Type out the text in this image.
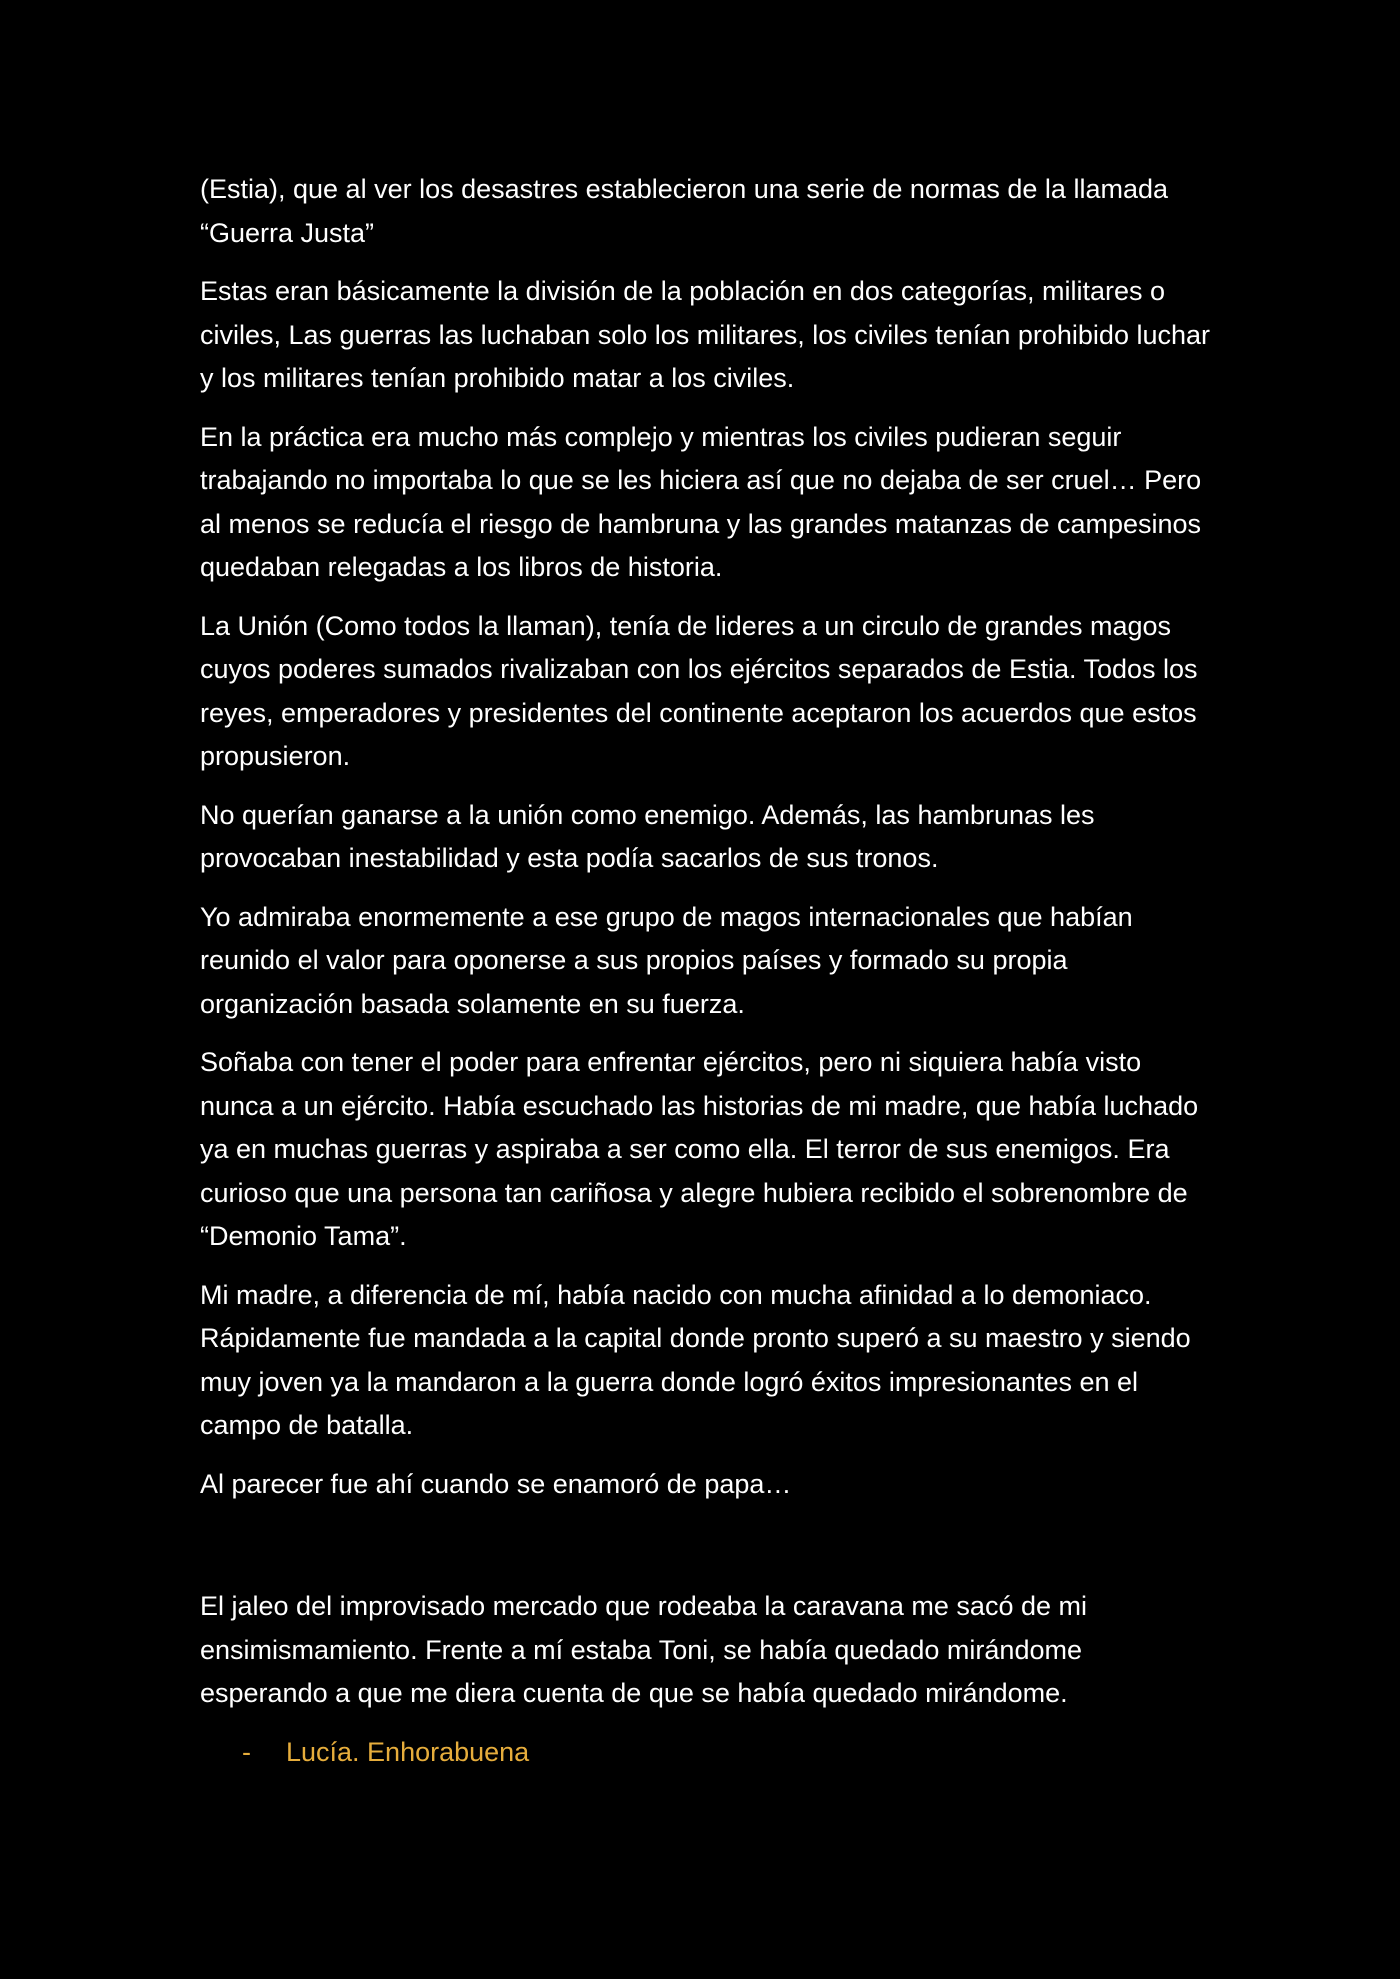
(Estia), que al ver los desastres establecieron una serie de normas de la llamada “Guerra Justa”

Estas eran básicamente la división de la población en dos categorías, militares o civiles, Las guerras las luchaban solo los militares, los civiles tenían prohibido luchar y los militares tenían prohibido matar a los civiles.

En la práctica era mucho más complejo y mientras los civiles pudieran seguir trabajando no importaba lo que se les hiciera así que no dejaba de ser cruel… Pero al menos se reducía el riesgo de hambruna y las grandes matanzas de campesinos quedaban relegadas a los libros de historia.

La Unión (Como todos la llaman), tenía de lideres a un circulo de grandes magos cuyos poderes sumados rivalizaban con los ejércitos separados de Estia. Todos los reyes, emperadores y presidentes del continente aceptaron los acuerdos que estos propusieron.

No querían ganarse a la unión como enemigo. Además, las hambrunas les provocaban inestabilidad y esta podía sacarlos de sus tronos.

Yo admiraba enormemente a ese grupo de magos internacionales que habían reunido el valor para oponerse a sus propios países y formado su propia organización basada solamente en su fuerza.

Soñaba con tener el poder para enfrentar ejércitos, pero ni siquiera había visto nunca a un ejército. Había escuchado las historias de mi madre, que había luchado ya en muchas guerras y aspiraba a ser como ella. El terror de sus enemigos. Era curioso que una persona tan cariñosa y alegre hubiera recibido el sobrenombre de “Demonio Tama”.

Mi madre, a diferencia de mí, había nacido con mucha afinidad a lo demoniaco. Rápidamente fue mandada a la capital donde pronto superó a su maestro y siendo muy joven ya la mandaron a la guerra donde logró éxitos impresionantes en el campo de batalla.

Al parecer fue ahí cuando se enamoró de papa…

El jaleo del improvisado mercado que rodeaba la caravana me sacó de mi ensimismamiento. Frente a mí estaba Toni, se había quedado mirándome esperando a que me diera cuenta de que se había quedado mirándome.

-	Lucía. Enhorabuena
